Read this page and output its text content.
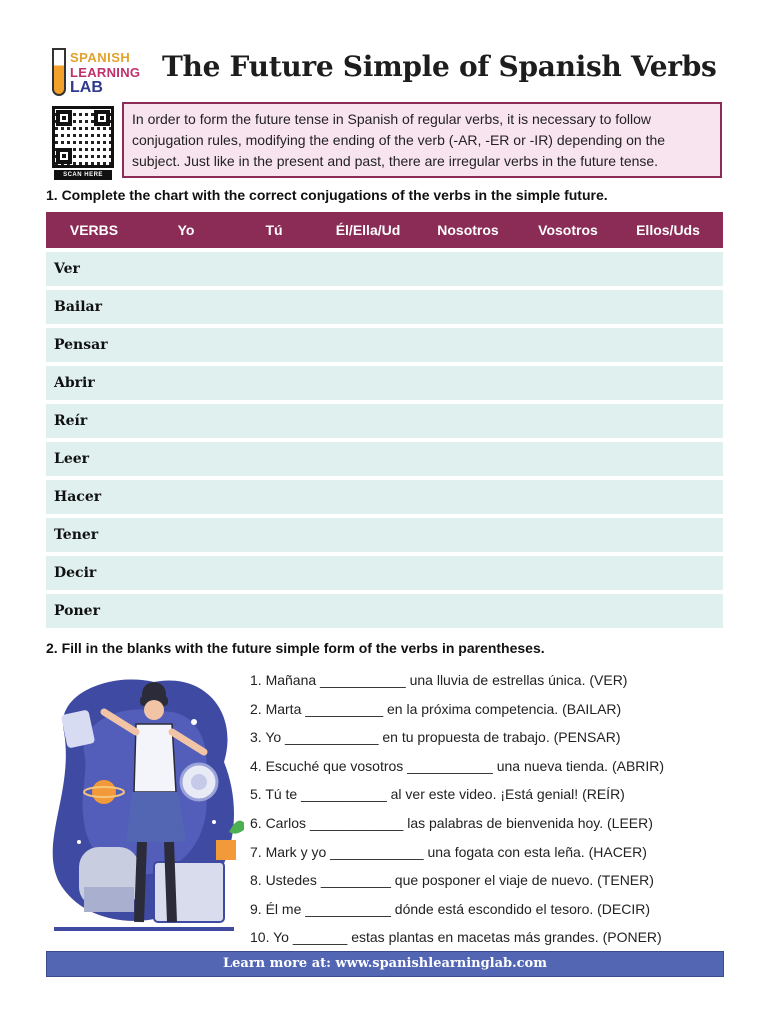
SPANISH
LEARNING
LAB
The Future Simple of Spanish Verbs
SCAN HERE
In order to form the future tense in Spanish of regular verbs, it is necessary to follow conjugation rules, modifying the ending of the verb (-AR, -ER or -IR) depending on the subject. Just like in the present and past, there are irregular verbs in the future tense.
1. Complete the chart with the correct conjugations of the verbs in the simple future.
VERBS	Yo	Tú	Él/Ella/Ud	Nosotros	Vosotros	Ellos/Uds
Ver
Bailar
Pensar
Abrir
Reír
Leer
Hacer
Tener
Decir
Poner
2. Fill in the blanks with the future simple form of the verbs in parentheses.
1. Mañana ___________ una lluvia de estrellas única. (VER)
2. Marta __________ en la próxima competencia. (BAILAR)
3. Yo ____________ en tu propuesta de trabajo. (PENSAR)
4. Escuché que vosotros ___________ una nueva tienda. (ABRIR)
5. Tú te ___________ al ver este video. ¡Está genial! (REÍR)
6. Carlos ____________ las palabras de bienvenida hoy. (LEER)
7. Mark y yo ____________ una fogata con esta leña. (HACER)
8. Ustedes _________ que posponer el viaje de nuevo. (TENER)
9. Él me ___________ dónde está escondido el tesoro. (DECIR)
10. Yo _______ estas plantas en macetas más grandes. (PONER)
Learn more at: www.spanishlearninglab.com
